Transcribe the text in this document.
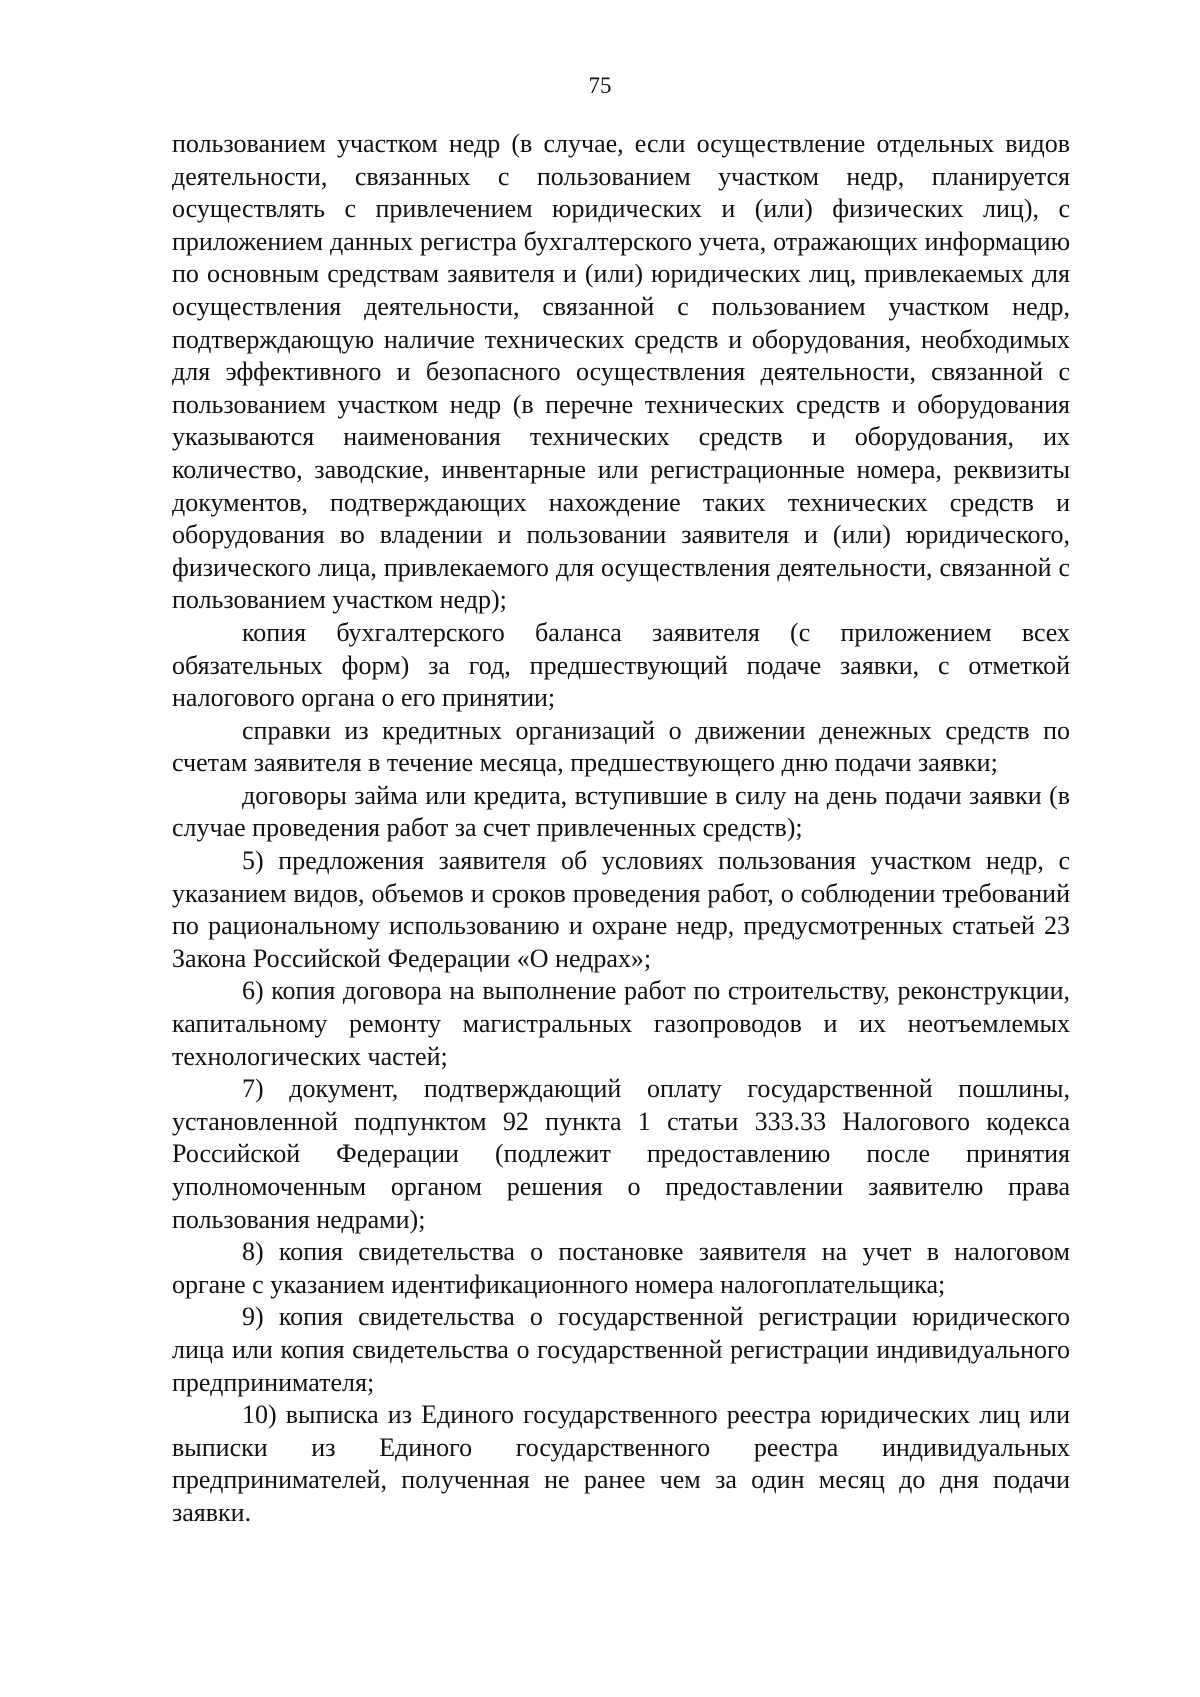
75

пользованием участком недр (в случае, если осуществление отдельных видов деятельности, связанных с пользованием участком недр, планируется осуществлять с привлечением юридических и (или) физических лиц), с приложением данных регистра бухгалтерского учета, отражающих информацию по основным средствам заявителя и (или) юридических лиц, привлекаемых для осуществления деятельности, связанной с пользованием участком недр, подтверждающую наличие технических средств и оборудования, необходимых для эффективного и безопасного осуществления деятельности, связанной с пользованием участком недр (в перечне технических средств и оборудования указываются наименования технических средств и оборудования, их количество, заводские, инвентарные или регистрационные номера, реквизиты документов, подтверждающих нахождение таких технических средств и оборудования во владении и пользовании заявителя и (или) юридического, физического лица, привлекаемого для осуществления деятельности, связанной с пользованием участком недр);

копия бухгалтерского баланса заявителя (с приложением всех обязательных форм) за год, предшествующий подаче заявки, с отметкой налогового органа о его принятии;

справки из кредитных организаций о движении денежных средств по счетам заявителя в течение месяца, предшествующего дню подачи заявки;

договоры займа или кредита, вступившие в силу на день подачи заявки (в случае проведения работ за счет привлеченных средств);

5) предложения заявителя об условиях пользования участком недр, с указанием видов, объемов и сроков проведения работ, о соблюдении требований по рациональному использованию и охране недр, предусмотренных статьей 23 Закона Российской Федерации «О недрах»;

6) копия договора на выполнение работ по строительству, реконструкции, капитальному ремонту магистральных газопроводов и их неотъемлемых технологических частей;

7) документ, подтверждающий оплату государственной пошлины, установленной подпунктом 92 пункта 1 статьи 333.33 Налогового кодекса Российской Федерации (подлежит предоставлению после принятия уполномоченным органом решения о предоставлении заявителю права пользования недрами);

8) копия свидетельства о постановке заявителя на учет в налоговом органе с указанием идентификационного номера налогоплательщика;

9) копия свидетельства о государственной регистрации юридического лица или копия свидетельства о государственной регистрации индивидуального предпринимателя;

10) выписка из Единого государственного реестра юридических лиц или выписки из Единого государственного реестра индивидуальных предпринимателей, полученная не ранее чем за один месяц до дня подачи заявки.
